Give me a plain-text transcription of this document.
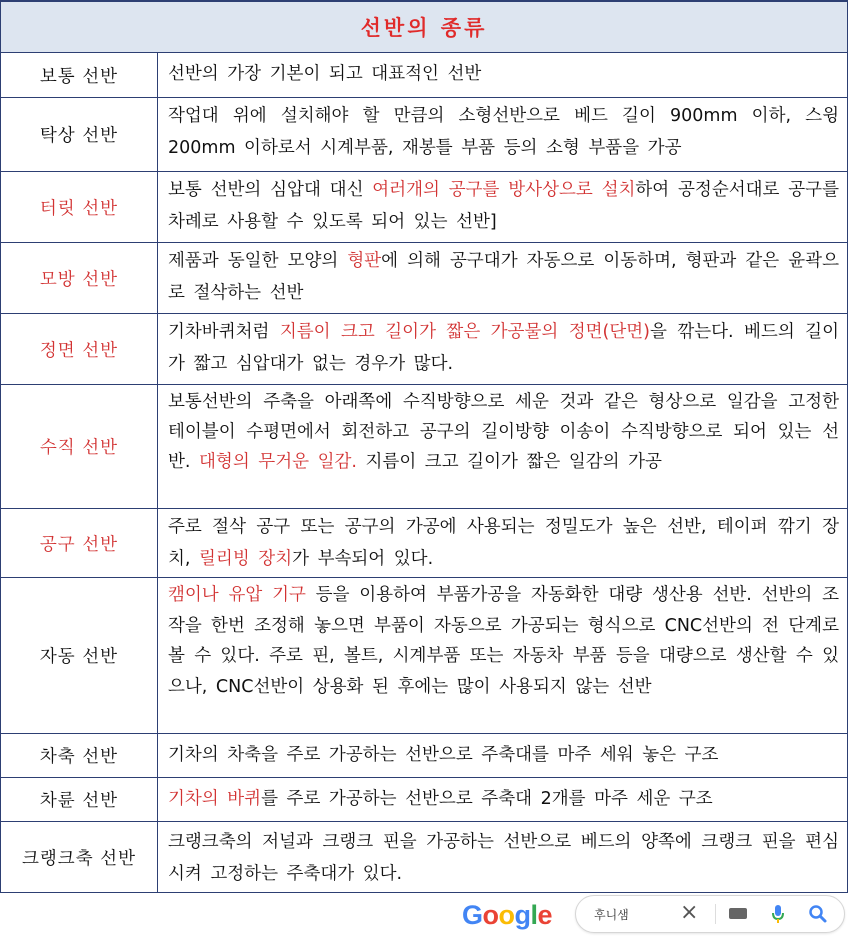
선반의 종류	
보통 선반	선반의 가장 기본이 되고 대표적인 선반
탁상 선반	작업대 위에 설치해야 할 만큼의 소형선반으로 베드 길이 900mm 이하, 스윙 200mm 이하로서 시계부품, 재봉틀 부품 등의 소형 부품을 가공
터릿 선반	보통 선반의 심압대 대신 여러개의 공구를 방사상으로 설치하여 공정순서대로 공구를 차례로 사용할 수 있도록 되어 있는 선반]
모방 선반	제품과 동일한 모양의 형판에 의해 공구대가 자동으로 이동하며, 형판과 같은 윤곽으로 절삭하는 선반
정면 선반	기차바퀴처럼 지름이 크고 길이가 짧은 가공물의 정면(단면)을 깎는다. 베드의 길이가 짧고 심압대가 없는 경우가 많다.
수직 선반	보통선반의 주축을 아래쪽에 수직방향으로 세운 것과 같은 형상으로 일감을 고정한 테이블이 수평면에서 회전하고 공구의 길이방향 이송이 수직방향으로 되어 있는 선반. 대형의 무거운 일감. 지름이 크고 길이가 짧은 일감의 가공
공구 선반	주로 절삭 공구 또는 공구의 가공에 사용되는 정밀도가 높은 선반, 테이퍼 깎기 장치, 릴리빙 장치가 부속되어 있다.
자동 선반	캠이나 유압 기구 등을 이용하여 부품가공을 자동화한 대량 생산용 선반. 선반의 조작을 한번 조정해 놓으면 부품이 자동으로 가공되는 형식으로 CNC선반의 전 단계로 볼 수 있다. 주로 핀, 볼트, 시계부품 또는 자동차 부품 등을 대량으로 생산할 수 있으나, CNC선반이 상용화 된 후에는 많이 사용되지 않는 선반
차축 선반	기차의 차축을 주로 가공하는 선반으로 주축대를 마주 세워 놓은 구조
차륜 선반	기차의 바퀴를 주로 가공하는 선반으로 주축대 2개를 마주 세운 구조
크랭크축 선반	크랭크축의 저널과 크랭크 핀을 가공하는 선반으로 베드의 양쪽에 크랭크 핀을 편심시켜 고정하는 주축대가 있다.
Google	후니샘 ×
